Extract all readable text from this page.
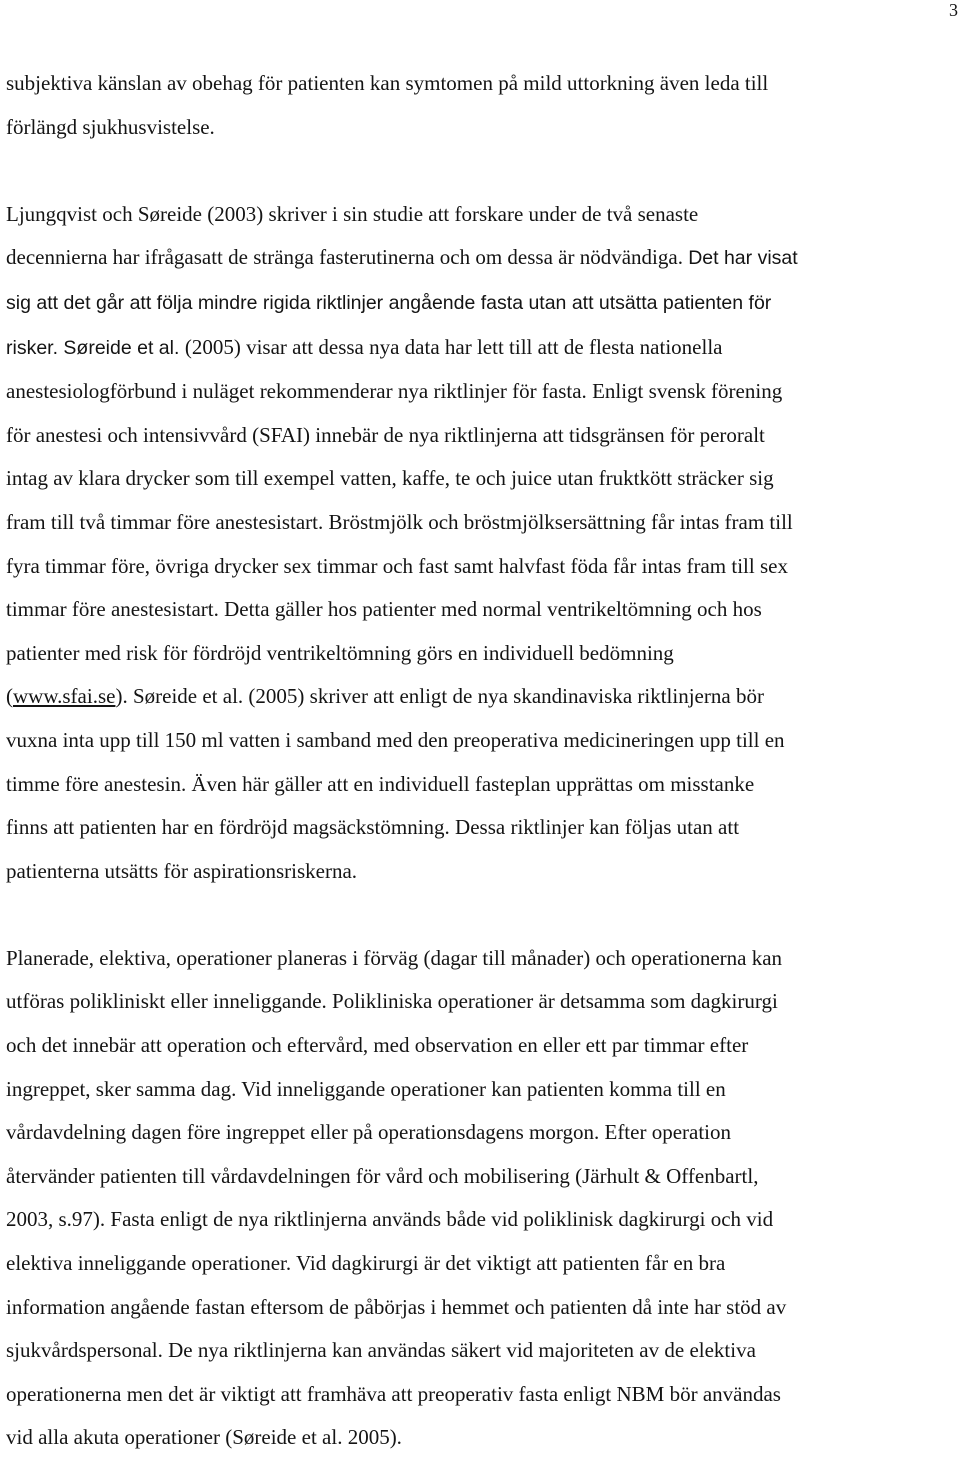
3

subjektiva känslan av obehag för patienten kan symtomen på mild uttorkning även leda till
förlängd sjukhusvistelse.

Ljungqvist och Søreide (2003) skriver i sin studie att forskare under de två senaste
decennierna har ifrågasatt de stränga fasterutinerna och om dessa är nödvändiga. Det har visat
sig att det går att följa mindre rigida riktlinjer angående fasta utan att utsätta patienten för
risker. Søreide et al. (2005) visar att dessa nya data har lett till att de flesta nationella
anestesiologförbund i nuläget rekommenderar nya riktlinjer för fasta. Enligt svensk förening
för anestesi och intensivvård (SFAI) innebär de nya riktlinjerna att tidsgränsen för peroralt
intag av klara drycker som till exempel vatten, kaffe, te och juice utan fruktkött sträcker sig
fram till två timmar före anestesistart. Bröstmjölk och bröstmjölksersättning får intas fram till
fyra timmar före, övriga drycker sex timmar och fast samt halvfast föda får intas fram till sex
timmar före anestesistart. Detta gäller hos patienter med normal ventrikeltömning och hos
patienter med risk för fördröjd ventrikeltömning görs en individuell bedömning
(www.sfai.se). Søreide et al. (2005) skriver att enligt de nya skandinaviska riktlinjerna bör
vuxna inta upp till 150 ml vatten i samband med den preoperativa medicineringen upp till en
timme före anestesin. Även här gäller att en individuell fasteplan upprättas om misstanke
finns att patienten har en fördröjd magsäckstömning. Dessa riktlinjer kan följas utan att
patienterna utsätts för aspirationsriskerna.

Planerade, elektiva, operationer planeras i förväg (dagar till månader) och operationerna kan
utföras polikliniskt eller inneliggande. Polikliniska operationer är detsamma som dagkirurgi
och det innebär att operation och eftervård, med observation en eller ett par timmar efter
ingreppet, sker samma dag. Vid inneliggande operationer kan patienten komma till en
vårdavdelning dagen före ingreppet eller på operationsdagens morgon. Efter operation
återvänder patienten till vårdavdelningen för vård och mobilisering (Järhult & Offenbartl,
2003, s.97). Fasta enligt de nya riktlinjerna används både vid poliklinisk dagkirurgi och vid
elektiva inneliggande operationer. Vid dagkirurgi är det viktigt att patienten får en bra
information angående fastan eftersom de påbörjas i hemmet och patienten då inte har stöd av
sjukvårdspersonal. De nya riktlinjerna kan användas säkert vid majoriteten av de elektiva
operationerna men det är viktigt att framhäva att preoperativ fasta enligt NBM bör användas
vid alla akuta operationer (Søreide et al. 2005).
